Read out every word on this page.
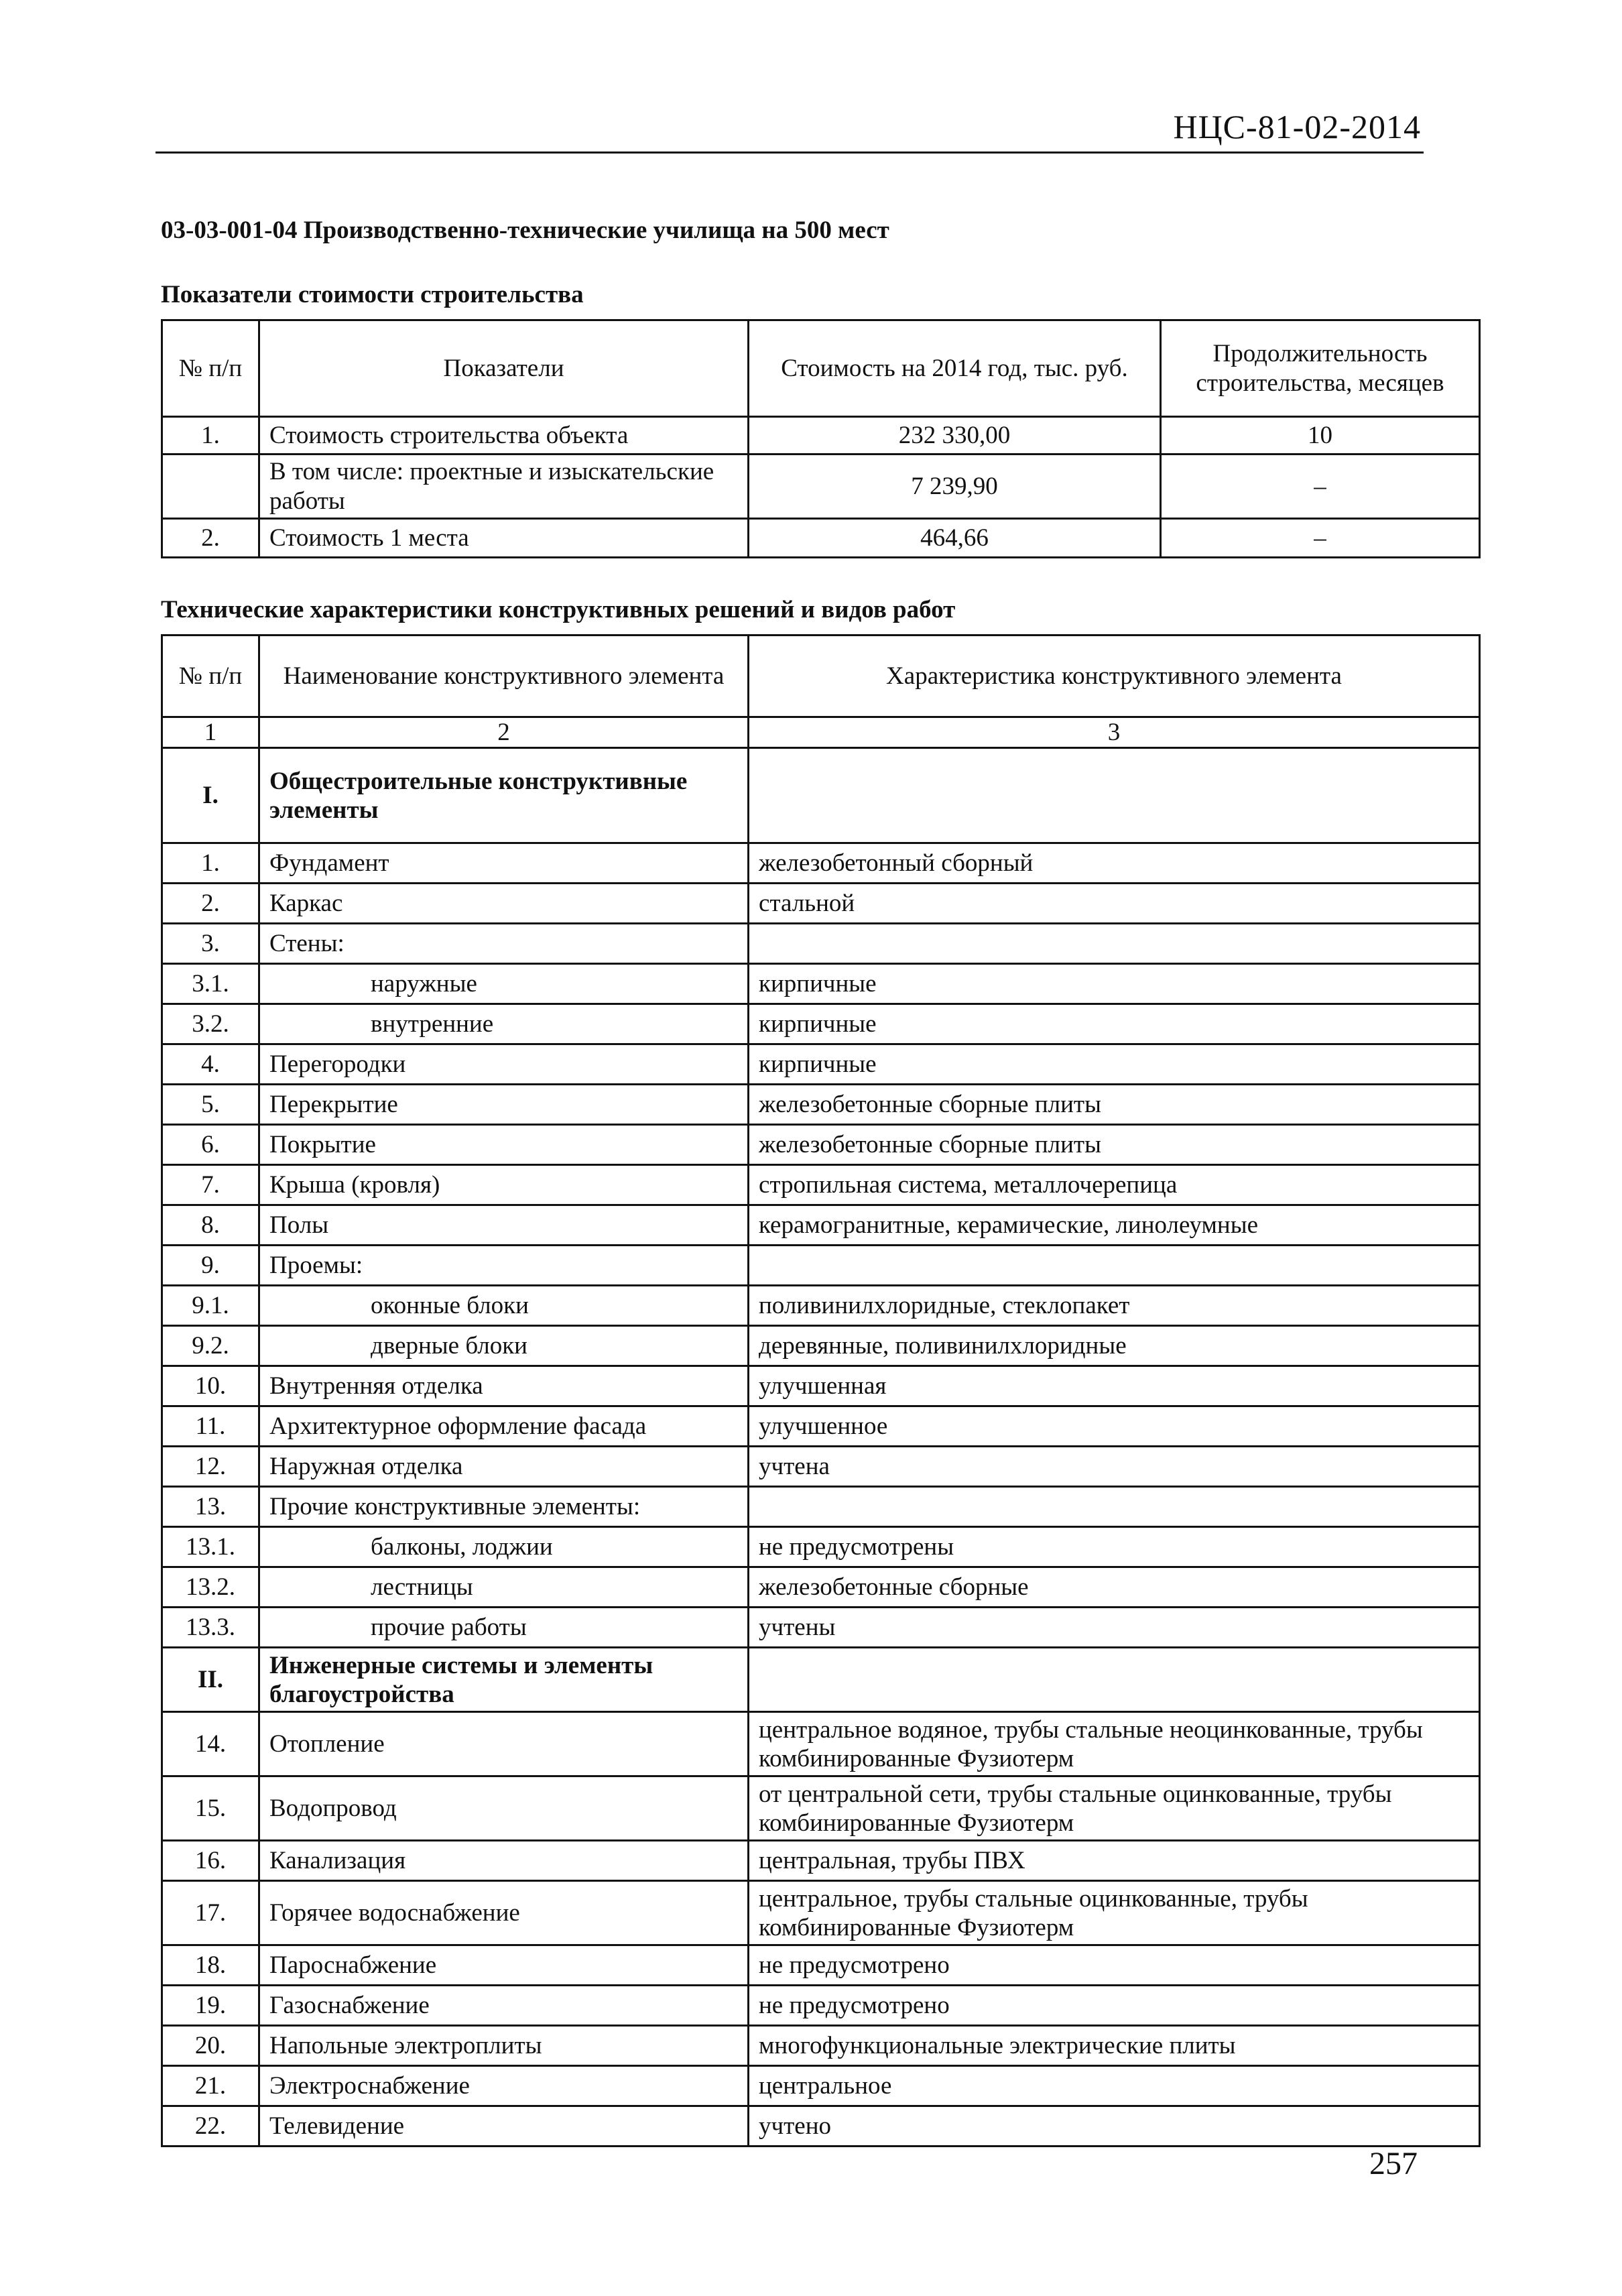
НЦС-81-02-2014
03-03-001-04 Производственно-технические училища на 500 мест
Показатели стоимости строительства
№ п/п	Показатели	Стоимость на 2014 год, тыс. руб.	Продолжительность строительства, месяцев
1.	Стоимость строительства объекта	232 330,00	10
	В том числе: проектные и изыскательские работы	7 239,90	–
2.	Стоимость 1 места	464,66	–
Технические характеристики конструктивных решений и видов работ
№ п/п	Наименование конструктивного элемента	Характеристика конструктивного элемента
1	2	3
I.	Общестроительные конструктивные элементы	
1.	Фундамент	железобетонный сборный
2.	Каркас	стальной
3.	Стены:	
3.1.	наружные	кирпичные
3.2.	внутренние	кирпичные
4.	Перегородки	кирпичные
5.	Перекрытие	железобетонные сборные плиты
6.	Покрытие	железобетонные сборные плиты
7.	Крыша (кровля)	стропильная система, металлочерепица
8.	Полы	керамогранитные, керамические, линолеумные
9.	Проемы:	
9.1.	оконные блоки	поливинилхлоридные, стеклопакет
9.2.	дверные блоки	деревянные, поливинилхлоридные
10.	Внутренняя отделка	улучшенная
11.	Архитектурное оформление фасада	улучшенное
12.	Наружная отделка	учтена
13.	Прочие конструктивные элементы:	
13.1.	балконы, лоджии	не предусмотрены
13.2.	лестницы	железобетонные сборные
13.3.	прочие работы	учтены
II.	Инженерные системы и элементы благоустройства	
14.	Отопление	центральное водяное, трубы стальные неоцинкованные, трубы комбинированные Фузиотерм
15.	Водопровод	от центральной сети, трубы стальные оцинкованные, трубы комбинированные Фузиотерм
16.	Канализация	центральная, трубы ПВХ
17.	Горячее водоснабжение	центральное, трубы стальные оцинкованные, трубы комбинированные Фузиотерм
18.	Пароснабжение	не предусмотрено
19.	Газоснабжение	не предусмотрено
20.	Напольные электроплиты	многофункциональные электрические плиты
21.	Электроснабжение	центральное
22.	Телевидение	учтено
257
